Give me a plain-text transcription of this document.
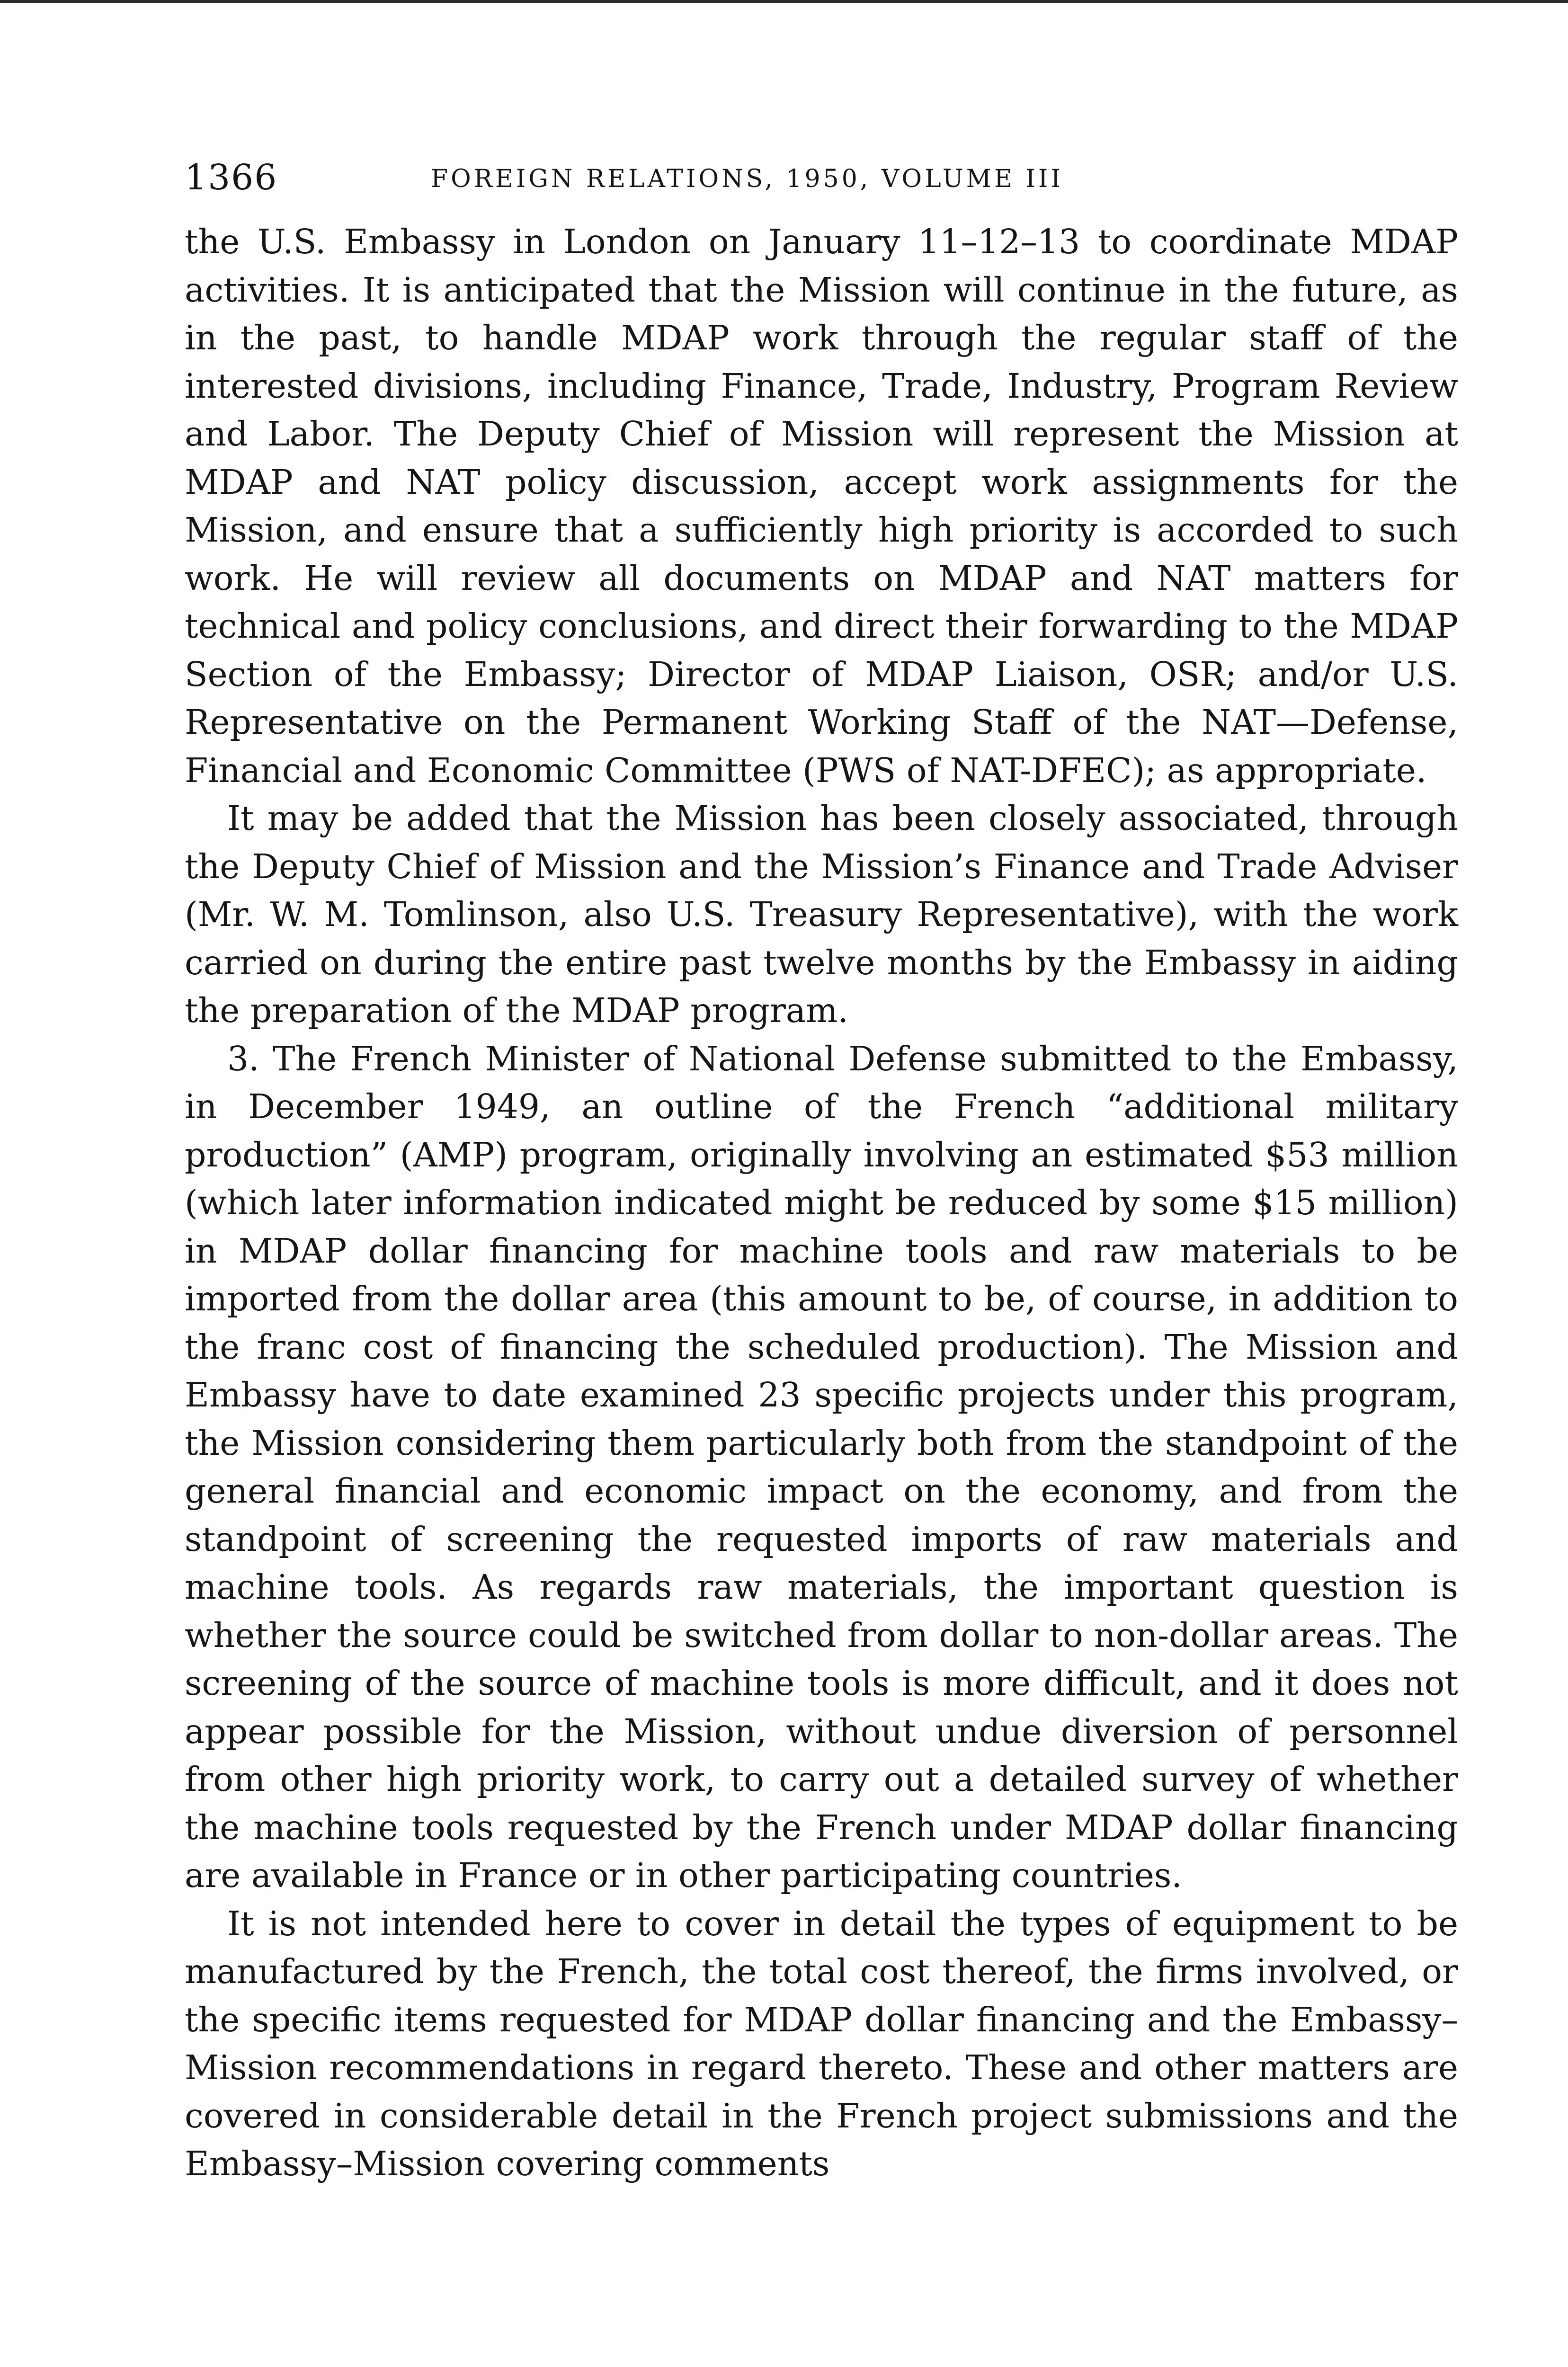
1366	FOREIGN RELATIONS, 1950, VOLUME III

the U.S. Embassy in London on January 11–12–13 to coordinate MDAP activities. It is anticipated that the Mission will continue in the future, as in the past, to handle MDAP work through the regular staff of the interested divisions, including Finance, Trade, Industry, Program Review and Labor. The Deputy Chief of Mission will represent the Mission at MDAP and NAT policy discussion, accept work assignments for the Mission, and ensure that a sufficiently high priority is accorded to such work. He will review all documents on MDAP and NAT matters for technical and policy conclusions, and direct their forwarding to the MDAP Section of the Embassy; Director of MDAP Liaison, OSR; and/or U.S. Representative on the Permanent Working Staff of the NAT—Defense, Financial and Economic Committee (PWS of NAT-DFEC); as appropriate.

It may be added that the Mission has been closely associated, through the Deputy Chief of Mission and the Mission’s Finance and Trade Adviser (Mr. W. M. Tomlinson, also U.S. Treasury Representative), with the work carried on during the entire past twelve months by the Embassy in aiding the preparation of the MDAP program.

3. The French Minister of National Defense submitted to the Embassy, in December 1949, an outline of the French “additional military production” (AMP) program, originally involving an estimated $53 million (which later information indicated might be reduced by some $15 million) in MDAP dollar financing for machine tools and raw materials to be imported from the dollar area (this amount to be, of course, in addition to the franc cost of financing the scheduled production). The Mission and Embassy have to date examined 23 specific projects under this program, the Mission considering them particularly both from the standpoint of the general financial and economic impact on the economy, and from the standpoint of screening the requested imports of raw materials and machine tools. As regards raw materials, the important question is whether the source could be switched from dollar to non-dollar areas. The screening of the source of machine tools is more difficult, and it does not appear possible for the Mission, without undue diversion of personnel from other high priority work, to carry out a detailed survey of whether the machine tools requested by the French under MDAP dollar financing are available in France or in other participating countries.

It is not intended here to cover in detail the types of equipment to be manufactured by the French, the total cost thereof, the firms involved, or the specific items requested for MDAP dollar financing and the Embassy–Mission recommendations in regard thereto. These and other matters are covered in considerable detail in the French project submissions and the Embassy–Mission covering comments
